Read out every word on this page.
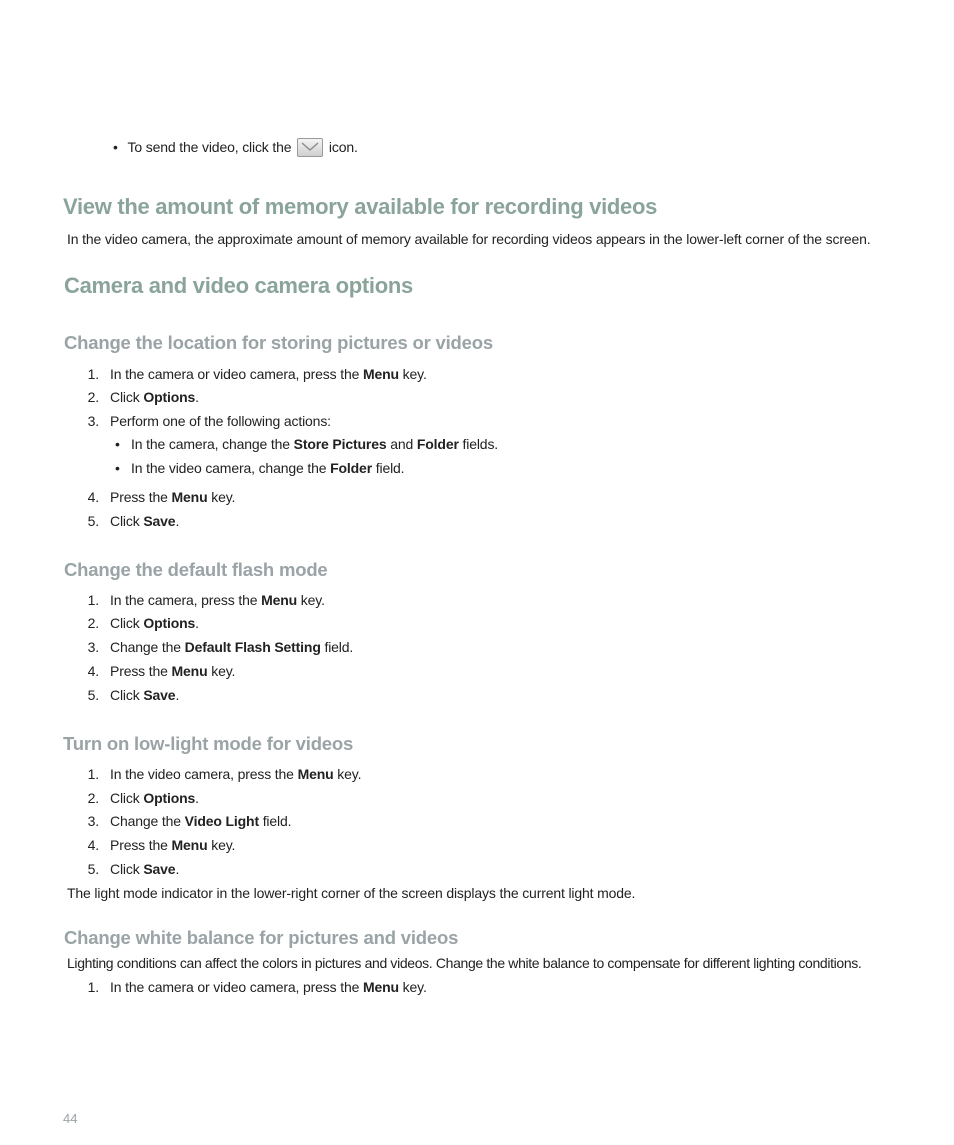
• To send the video, click the	icon.
View the amount of memory available for recording videos
In the video camera, the approximate amount of memory available for recording videos appears in the lower-left corner of the screen.
Camera and video camera options
Change the location for storing pictures or videos
1. In the camera or video camera, press the Menu key.
2. Click Options.
3. Perform one of the following actions:
• In the camera, change the Store Pictures and Folder fields.
• In the video camera, change the Folder field.
4. Press the Menu key.
5. Click Save.
Change the default flash mode
1. In the camera, press the Menu key.
2. Click Options.
3. Change the Default Flash Setting field.
4. Press the Menu key.
5. Click Save.
Turn on low-light mode for videos
1. In the video camera, press the Menu key.
2. Click Options.
3. Change the Video Light field.
4. Press the Menu key.
5. Click Save.
The light mode indicator in the lower-right corner of the screen displays the current light mode.
Change white balance for pictures and videos
Lighting conditions can affect the colors in pictures and videos. Change the white balance to compensate for different lighting conditions.
1. In the camera or video camera, press the Menu key.
44
